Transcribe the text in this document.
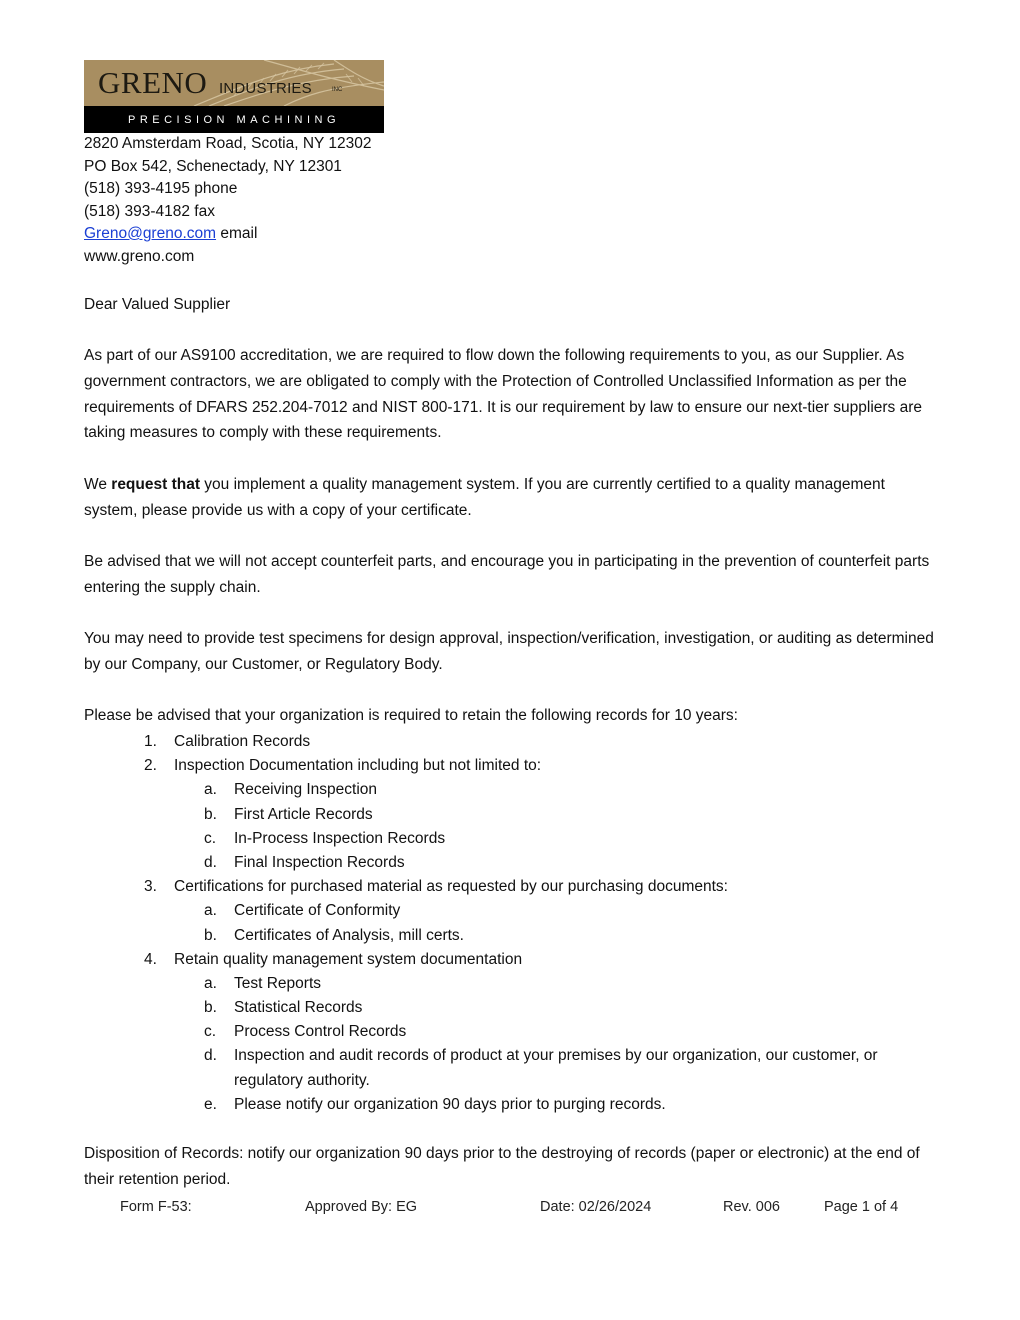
GRENO INDUSTRIES	INC
PRECISION MACHINING
2820 Amsterdam Road, Scotia, NY 12302
PO Box 542, Schenectady, NY 12301
(518) 393-4195 phone
(518) 393-4182 fax
Greno@greno.com email
www.greno.com

Dear Valued Supplier

As part of our AS9100 accreditation, we are required to flow down the following requirements to you, as our Supplier. As government contractors, we are obligated to comply with the Protection of Controlled Unclassified Information as per the requirements of DFARS 252.204-7012 and NIST 800-171. It is our requirement by law to ensure our next-tier suppliers are taking measures to comply with these requirements.

We request that you implement a quality management system. If you are currently certified to a quality management system, please provide us with a copy of your certificate.

Be advised that we will not accept counterfeit parts, and encourage you in participating in the prevention of counterfeit parts entering the supply chain.

You may need to provide test specimens for design approval, inspection/verification, investigation, or auditing as determined by our Company, our Customer, or Regulatory Body.

Please be advised that your organization is required to retain the following records for 10 years:

1. Calibration Records
2. Inspection Documentation including but not limited to:
a. Receiving Inspection
b. First Article Records
c. In-Process Inspection Records
d. Final Inspection Records
3. Certifications for purchased material as requested by our purchasing documents:
a. Certificate of Conformity
b. Certificates of Analysis, mill certs.
4. Retain quality management system documentation
a. Test Reports
b. Statistical Records
c. Process Control Records
d. Inspection and audit records of product at your premises by our organization, our customer, or regulatory authority.
e. Please notify our organization 90 days prior to purging records.

Disposition of Records: notify our organization 90 days prior to the destroying of records (paper or electronic) at the end of their retention period.

Form F-53:	Approved By: EG	Date: 02/26/2024	Rev. 006	Page 1 of 4
